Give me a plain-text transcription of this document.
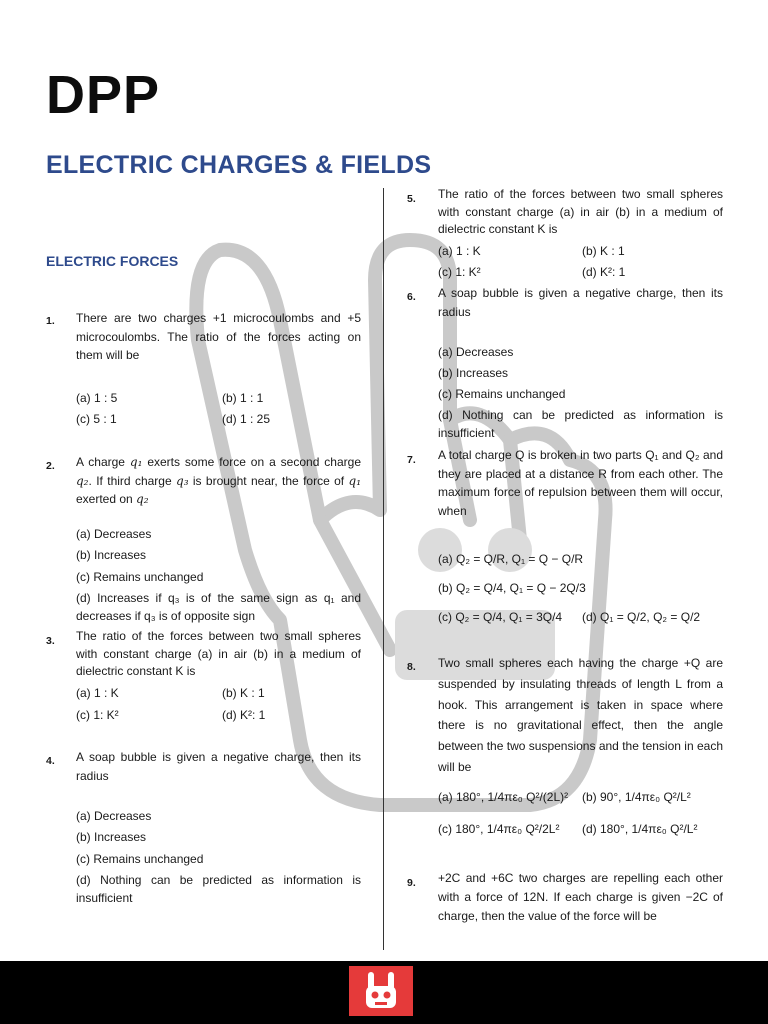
DPP
ELECTRIC CHARGES & FIELDS
ELECTRIC FORCES
1. There are two charges +1 microcoulombs and +5 microcoulombs. The ratio of the forces acting on them will be
(a) 1 : 5	(b) 1 : 1
(c) 5 : 1	(d) 1 : 25
2. A charge q₁ exerts some force on a second charge q₂. If third charge q₃ is brought near, the force of q₁ exerted on q₂
(a) Decreases
(b) Increases
(c) Remains unchanged
(d) Increases if q₃ is of the same sign as q₁ and decreases if q₃ is of opposite sign
3. The ratio of the forces between two small spheres with constant charge (a) in air (b) in a medium of dielectric constant K is
(a) 1 : K	(b) K : 1
(c) 1: K²	(d) K²: 1
4. A soap bubble is given a negative charge, then its radius
(a) Decreases
(b) Increases
(c) Remains unchanged
(d) Nothing can be predicted as information is insufficient
5. The ratio of the forces between two small spheres with constant charge (a) in air (b) in a medium of dielectric constant K is
(a) 1 : K	(b) K : 1
(c) 1: K²	(d) K²: 1
6. A soap bubble is given a negative charge, then its radius
(a) Decreases
(b) Increases
(c) Remains unchanged
(d) Nothing can be predicted as information is insufficient
7. A total charge Q is broken in two parts Q₁ and Q₂ and they are placed at a distance R from each other. The maximum force of repulsion between them will occur, when
(a) Q₂ = Q/R, Q₁ = Q − Q/R
(b) Q₂ = Q/4, Q₁ = Q − 2Q/3
(c) Q₂ = Q/4, Q₁ = 3Q/4 (d) Q₁ = Q/2, Q₂ = Q/2
8. Two small spheres each having the charge +Q are suspended by insulating threads of length L from a hook. This arrangement is taken in space where there is no gravitational effect, then the angle between the two suspensions and the tension in each will be
(a) 180°, 1/4πε₀ Q²/(2L)² (b) 90°, 1/4πε₀ Q²/L²
(c) 180°, 1/4πε₀ Q²/2L² (d) 180°, 1/4πε₀ Q²/L²
9. +2C and +6C two charges are repelling each other with a force of 12N. If each charge is given −2C of charge, then the value of the force will be
